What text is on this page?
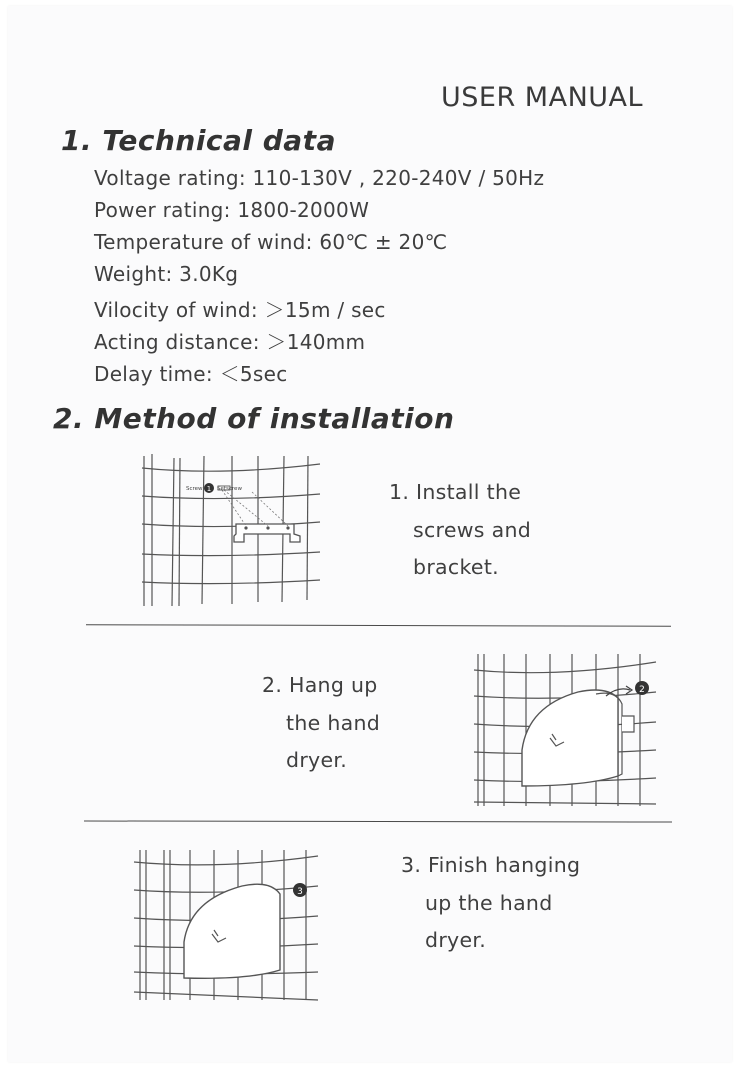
USER MANUAL
1. Technical data
Voltage rating: 110-130V , 220-240V / 50Hz
Power rating: 1800-2000W
Temperature of wind: 60℃ ± 20℃
Weight: 3.0Kg
Vilocity of wind: ＞15m / sec
Acting distance: ＞140mm
Delay time: ＜5sec
2. Method of installation
Screw 1 Setscrew	1. Install the
screws and
bracket.
2. Hang up
the hand
dryer.
2
3
3. Finish hanging
up the hand
dryer.
